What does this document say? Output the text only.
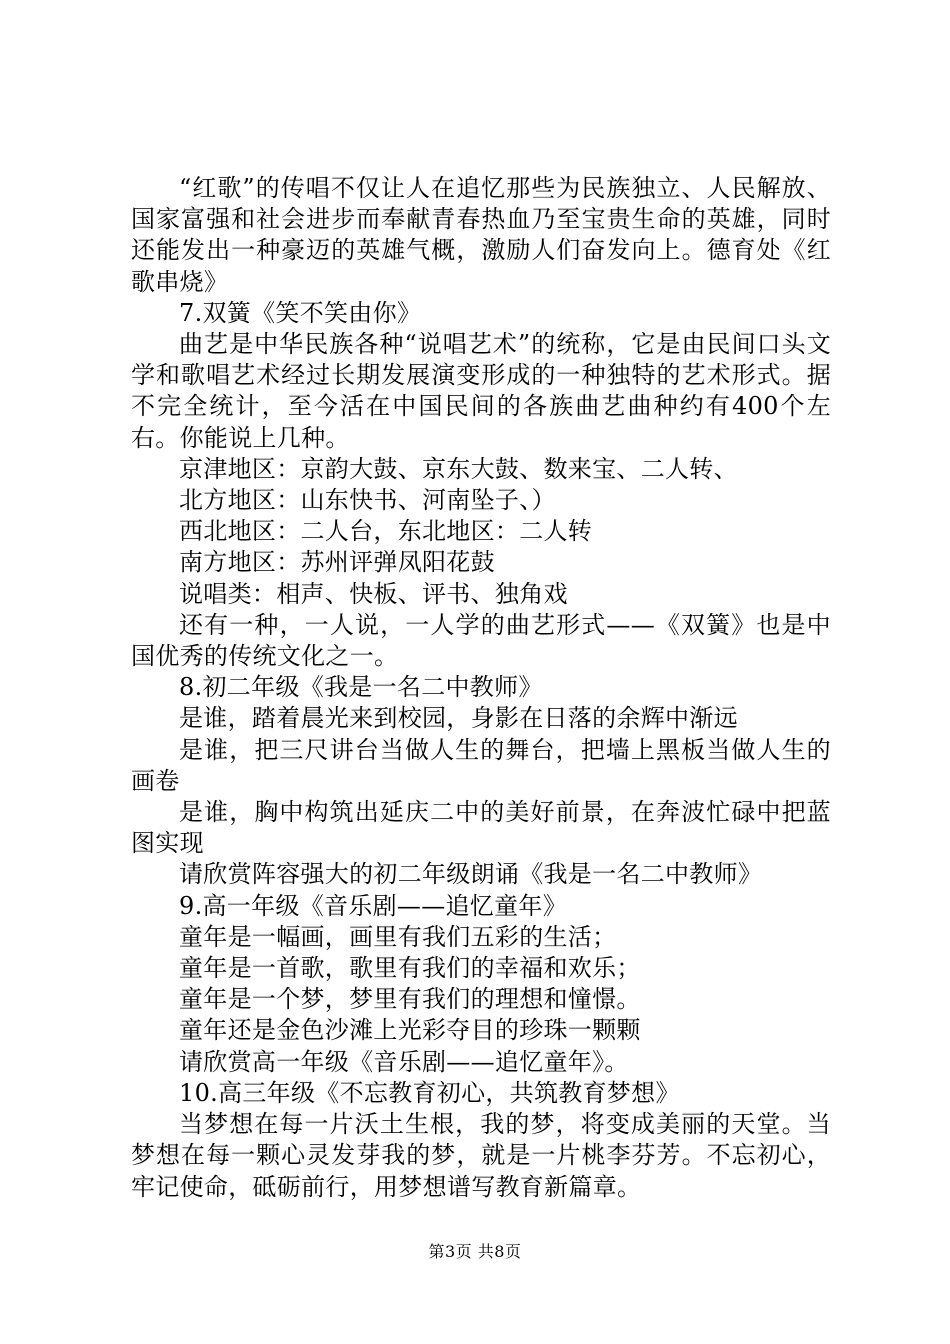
“红歌”的传唱不仅让人在追忆那些为民族独立、人民解放、国家富强和社会进步而奉献青春热血乃至宝贵生命的英雄，同时还能发出一种豪迈的英雄气概，激励人们奋发向上。德育处《红歌串烧》

7.双簧《笑不笑由你》

曲艺是中华民族各种“说唱艺术”的统称，它是由民间口头文学和歌唱艺术经过长期发展演变形成的一种独特的艺术形式。据不完全统计，至今活在中国民间的各族曲艺曲种约有400个左右。你能说上几种。

京津地区：京韵大鼓、京东大鼓、数来宝、二人转、

北方地区：山东快书、河南坠子、）

西北地区：二人台，东北地区：二人转

南方地区：苏州评弹凤阳花鼓

说唱类：相声、快板、评书、独角戏

还有一种，一人说，一人学的曲艺形式——《双簧》也是中国优秀的传统文化之一。

8.初二年级《我是一名二中教师》

是谁，踏着晨光来到校园，身影在日落的余辉中渐远

是谁，把三尺讲台当做人生的舞台，把墙上黑板当做人生的画卷

是谁，胸中构筑出延庆二中的美好前景，在奔波忙碌中把蓝图实现

请欣赏阵容强大的初二年级朗诵《我是一名二中教师》

9.高一年级《音乐剧——追忆童年》

童年是一幅画，画里有我们五彩的生活；

童年是一首歌，歌里有我们的幸福和欢乐；

童年是一个梦，梦里有我们的理想和憧憬。

童年还是金色沙滩上光彩夺目的珍珠一颗颗

请欣赏高一年级《音乐剧——追忆童年》。

10.高三年级《不忘教育初心，共筑教育梦想》

当梦想在每一片沃土生根，我的梦，将变成美丽的天堂。当梦想在每一颗心灵发芽我的梦，就是一片桃李芬芳。不忘初心，牢记使命，砥砺前行，用梦想谱写教育新篇章。

第3页 共8页
